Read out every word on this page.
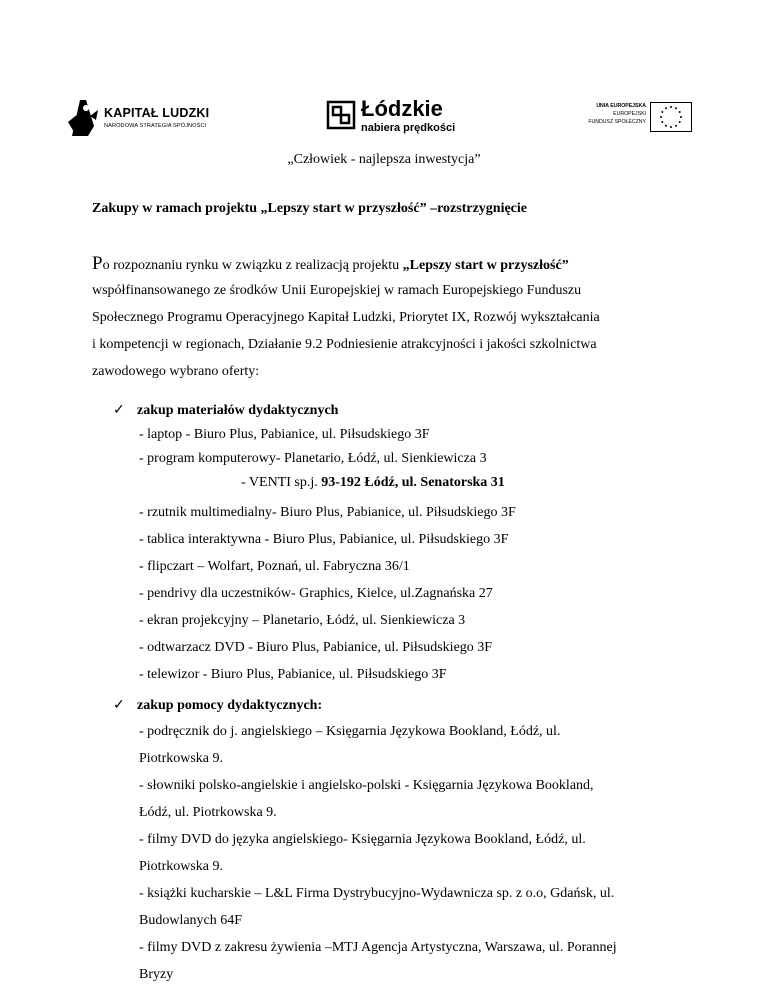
KAPITAŁ LUDZKI
NARODOWA STRATEGIA SPÓJNOŚCI
Łódzkie
nabiera prędkości
UNIA EUROPEJSKA
EUROPEJSKI
FUNDUSZ SPOŁECZNY
„Człowiek - najlepsza inwestycja”
Zakupy w ramach projektu „Lepszy start w przyszłość” –rozstrzygnięcie
Po rozpoznaniu rynku w związku z realizacją projektu „Lepszy start w przyszłość”
współfinansowanego ze środków Unii Europejskiej w ramach Europejskiego Funduszu
Społecznego Programu Operacyjnego Kapitał Ludzki, Priorytet IX, Rozwój wykształcania
i kompetencji w regionach, Działanie 9.2 Podniesienie atrakcyjności i jakości szkolnictwa
zawodowego wybrano oferty:
✓ zakup materiałów dydaktycznych
- laptop - Biuro Plus, Pabianice, ul. Piłsudskiego 3F
- program komputerowy- Planetario, Łódź, ul. Sienkiewicza 3
- VENTI sp.j. 93-192 Łódź, ul. Senatorska 31
- rzutnik multimedialny- Biuro Plus, Pabianice, ul. Piłsudskiego 3F
- tablica interaktywna - Biuro Plus, Pabianice, ul. Piłsudskiego 3F
- flipczart – Wolfart, Poznań, ul. Fabryczna 36/1
- pendrivy dla uczestników- Graphics, Kielce, ul.Zagnańska 27
- ekran projekcyjny – Planetario, Łódź, ul. Sienkiewicza 3
- odtwarzacz DVD - Biuro Plus, Pabianice, ul. Piłsudskiego 3F
- telewizor - Biuro Plus, Pabianice, ul. Piłsudskiego 3F
✓ zakup pomocy dydaktycznych:
- podręcznik do j. angielskiego – Księgarnia Językowa Bookland, Łódź, ul.
Piotrkowska 9.
- słowniki polsko-angielskie i angielsko-polski - Księgarnia Językowa Bookland,
Łódź, ul. Piotrkowska 9.
- filmy DVD do języka angielskiego- Księgarnia Językowa Bookland, Łódź, ul.
Piotrkowska 9.
- książki kucharskie – L&L Firma Dystrybucyjno-Wydawnicza sp. z o.o, Gdańsk, ul.
Budowlanych 64F
- filmy DVD z zakresu żywienia –MTJ Agencja Artystyczna, Warszawa, ul. Porannej
Bryzy
